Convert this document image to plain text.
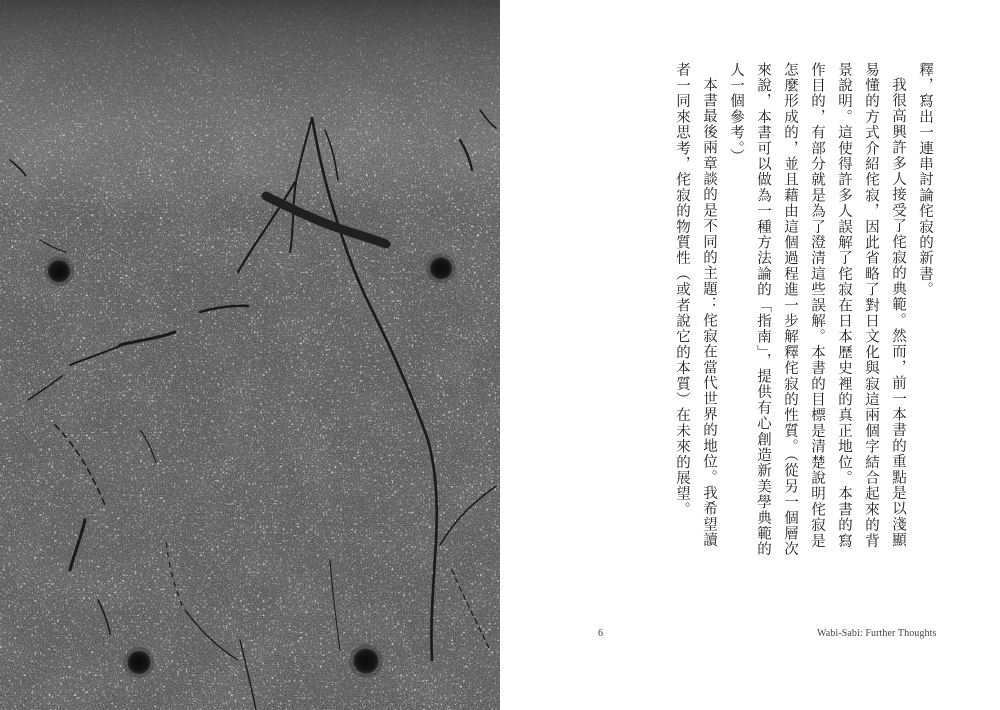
釋，寫出一連串討論侘寂的新書。

我很高興許多人接受了侘寂的典範。然而，前一本書的重點是以淺顯易懂的方式介紹侘寂，因此省略了對日文化與寂這兩個字結合起來的背景說明。這使得許多人誤解了侘寂在日本歷史裡的真正地位。本書的寫作目的，有部分就是為了澄清這些誤解。本書的目標是清楚說明侘寂是怎麼形成的，並且藉由這個過程進一步解釋侘寂的性質。（從另一個層次來說，本書可以做為一種方法論的「指南」，提供有心創造新美學典範的人一個參考。）

本書最後兩章談的是不同的主題：侘寂在當代世界的地位。我希望讀者一同來思考，侘寂的物質性（或者說它的本質）在未來的展望。

6	Wabi-Sabi: Further Thoughts
